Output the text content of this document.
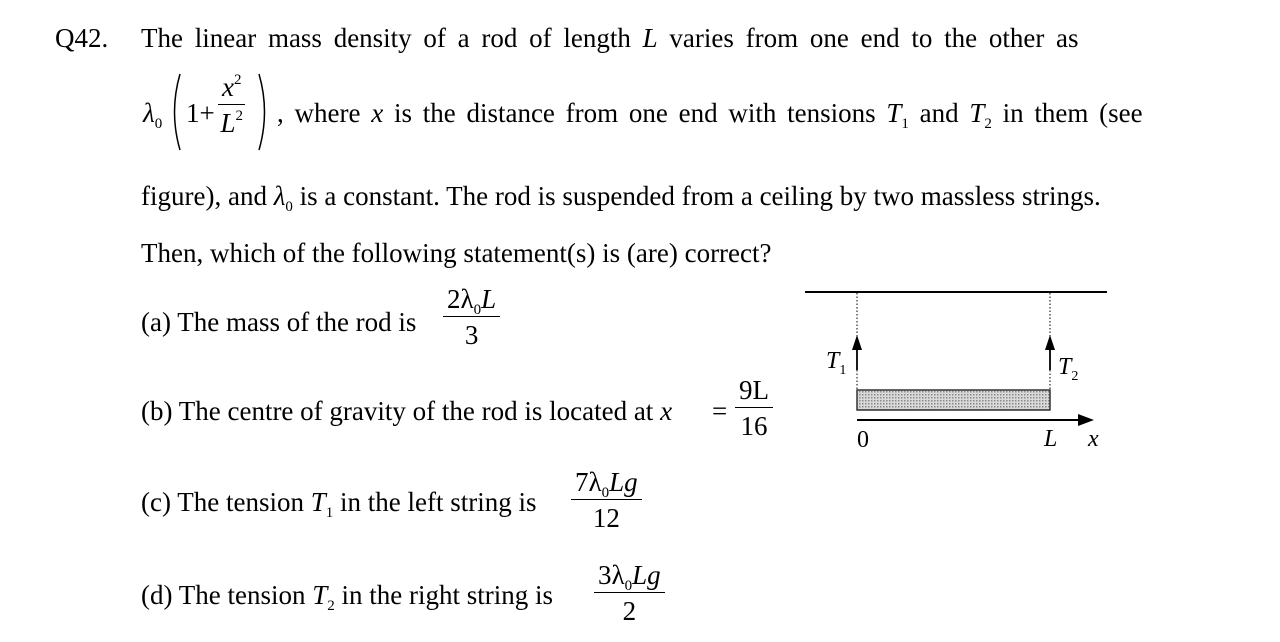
Q42. The linear mass density of a rod of length L varies from one end to the other as
$\lambda_0$ $1+ \frac{x^2}{L^2}$ , where x is the distance from one end with tensions $T_1$ and $T_2$ in them (see
figure), and $\lambda_0$ is a constant. The rod is suspended from a ceiling by two massless strings.
Then, which of the following statement(s) is (are) correct?
(a) The mass of the rod is $\frac{2\lambda_0L}{3}$
(b) The centre of gravity of the rod is located at $x = \frac{9L}{16}$
(c) The tension $T_1$ in the left string is $\frac{7\lambda_0Lg}{12}$
(d) The tension $T_2$ in the right string is $\frac{3\lambda_0Lg}{2}$
$T_1$	$T_2$
0	L x
